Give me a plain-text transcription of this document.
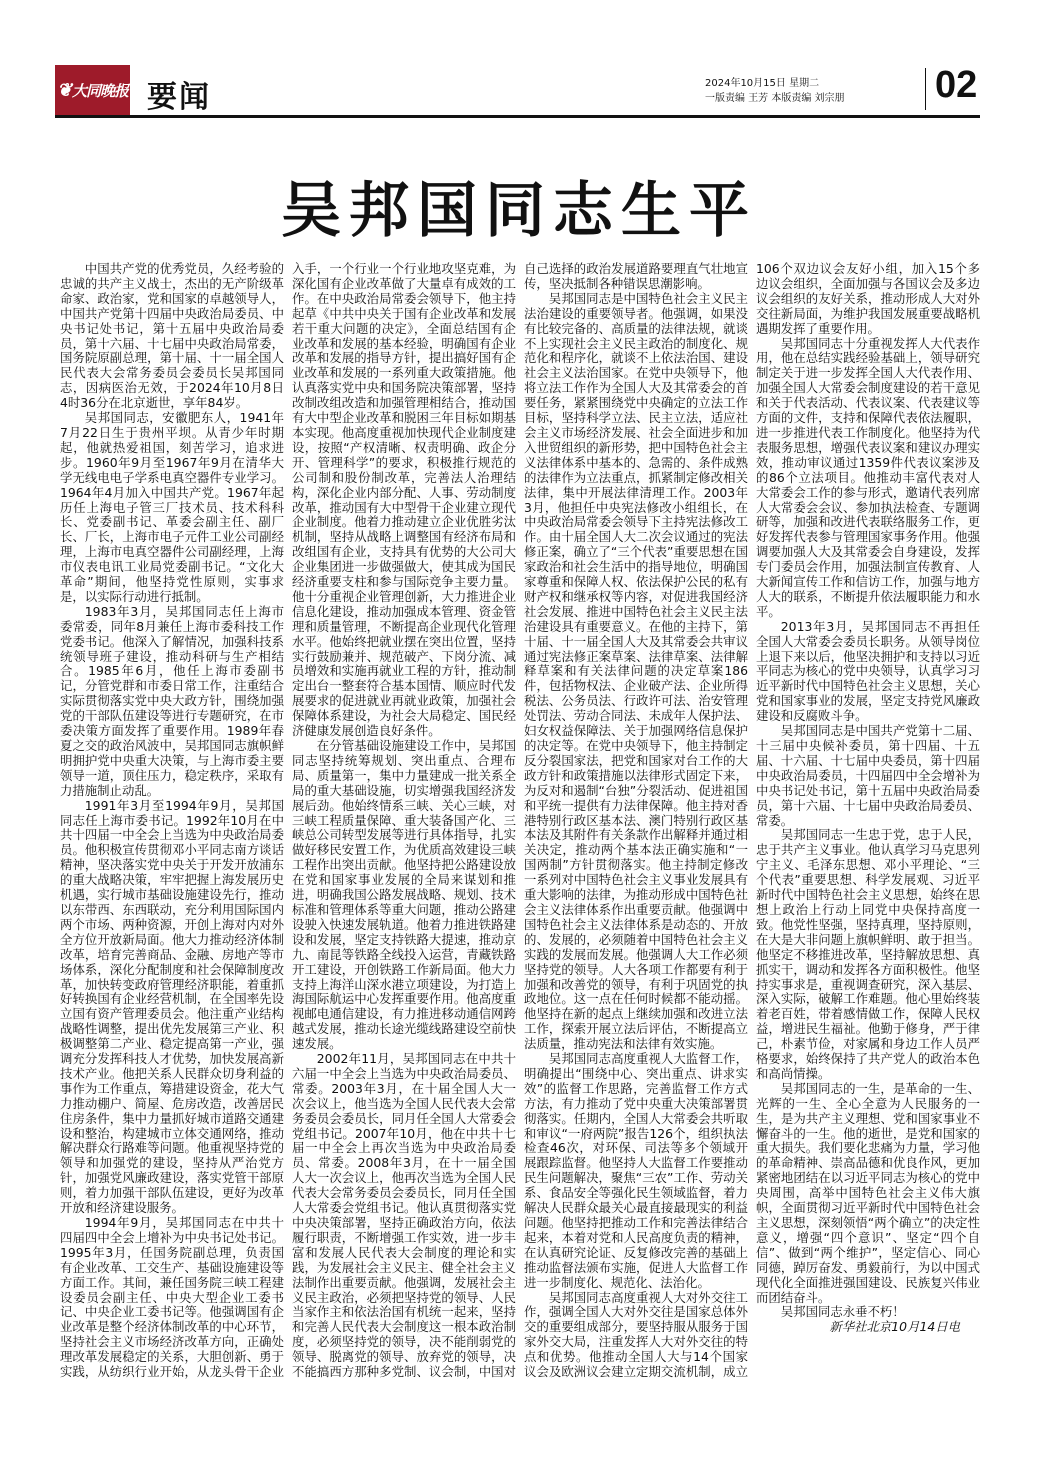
❦ 大同晚报 要闻	2024年10月15日 星期二
一版责编 王芳 本版责编 刘宗朋 02
吴邦国同志生平

中国共产党的优秀党员，久经考验的忠诚的共产主义战士，杰出的无产阶级革命家、政治家，党和国家的卓越领导人，中国共产党第十四届中央政治局委员、中央书记处书记，第十五届中央政治局委员，第十六届、十七届中央政治局常委，国务院原副总理，第十届、十一届全国人民代表大会常务委员会委员长吴邦国同志，因病医治无效，于2024年10月8日4时36分在北京逝世，享年84岁。

吴邦国同志，安徽肥东人，1941年7月22日生于贵州平坝。从青少年时期起，他就热爱祖国，刻苦学习，追求进步。1960年9月至1967年9月在清华大学无线电电子学系电真空器件专业学习。1964年4月加入中国共产党。1967年起历任上海电子管三厂技术员、技术科科长、党委副书记、革委会副主任、副厂长、厂长，上海市电子元件工业公司副经理，上海市电真空器件公司副经理，上海市仪表电讯工业局党委副书记。“文化大革命”期间，他坚持党性原则，实事求是，以实际行动进行抵制。

1983年3月，吴邦国同志任上海市委常委，同年8月兼任上海市委科技工作党委书记。他深入了解情况，加强科技系统领导班子建设，推动科研与生产相结合。1985年6月，他任上海市委副书记，分管党群和市委日常工作，注重结合实际贯彻落实党中央大政方针，围绕加强党的干部队伍建设等进行专题研究，在市委决策方面发挥了重要作用。1989年春夏之交的政治风波中，吴邦国同志旗帜鲜明拥护党中央重大决策，与上海市委主要领导一道，顶住压力，稳定秩序，采取有力措施制止动乱。

1991年3月至1994年9月，吴邦国同志任上海市委书记。1992年10月在中共十四届一中全会上当选为中央政治局委员。他积极宣传贯彻邓小平同志南方谈话精神，坚决落实党中央关于开发开放浦东的重大战略决策，牢牢把握上海发展历史机遇，实行城市基础设施建设先行，推动以东带西、东西联动，充分利用国际国内两个市场、两种资源，开创上海对内对外全方位开放新局面。他大力推动经济体制改革，培育完善商品、金融、房地产等市场体系，深化分配制度和社会保障制度改革，加快转变政府管理经济职能，着重抓好转换国有企业经营机制，在全国率先设立国有资产管理委员会。他注重产业结构战略性调整，提出优先发展第三产业、积极调整第二产业、稳定提高第一产业，强调充分发挥科技人才优势，加快发展高新技术产业。他把关系人民群众切身利益的事作为工作重点，筹措建设资金，花大气力推动棚户、简屋、危房改造，改善居民住房条件，集中力量抓好城市道路交通建设和整治，构建城市立体交通网络，推动解决群众行路难等问题。他重视坚持党的领导和加强党的建设，坚持从严治党方针，加强党风廉政建设，落实党管干部原则，着力加强干部队伍建设，更好为改革开放和经济建设服务。

1994年9月，吴邦国同志在中共十四届四中全会上增补为中央书记处书记。1995年3月，任国务院副总理，负责国有企业改革、工交生产、基础设施建设等方面工作。其间，兼任国务院三峡工程建设委员会副主任、中央大型企业工委书记、中央企业工委书记等。他强调国有企业改革是整个经济体制改革的中心环节，坚持社会主义市场经济改革方向，正确处理改革发展稳定的关系，大胆创新、勇于实践，从纺织行业开始，从龙头骨干企业入手，一个行业一个行业地攻坚克难，为深化国有企业改革做了大量卓有成效的工作。在中央政治局常委会领导下，他主持起草《中共中央关于国有企业改革和发展若干重大问题的决定》，全面总结国有企业改革和发展的基本经验，明确国有企业改革和发展的指导方针，提出搞好国有企业改革和发展的一系列重大政策措施。他认真落实党中央和国务院决策部署，坚持改制改组改造和加强管理相结合，推动国有大中型企业改革和脱困三年目标如期基本实现。他高度重视加快现代企业制度建设，按照“产权清晰、权责明确、政企分开、管理科学”的要求，积极推行规范的公司制和股份制改革，完善法人治理结构，深化企业内部分配、人事、劳动制度改革，推动国有大中型骨干企业建立现代企业制度。他着力推动建立企业优胜劣汰机制，坚持从战略上调整国有经济布局和改组国有企业，支持具有优势的大公司大企业集团进一步做强做大，使其成为国民经济重要支柱和参与国际竞争主要力量。他十分重视企业管理创新，大力推进企业信息化建设，推动加强成本管理、资金管理和质量管理，不断提高企业现代化管理水平。他始终把就业摆在突出位置，坚持实行鼓励兼并、规范破产、下岗分流、减员增效和实施再就业工程的方针，推动制定出台一整套符合基本国情、顺应时代发展要求的促进就业再就业政策，加强社会保障体系建设，为社会大局稳定、国民经济健康发展创造良好条件。

在分管基础设施建设工作中，吴邦国同志坚持统筹规划、突出重点、合理布局、质量第一，集中力量建成一批关系全局的重大基础设施，切实增强我国经济发展后劲。他始终情系三峡、关心三峡，对三峡工程质量保障、重大装备国产化、三峡总公司转型发展等进行具体指导，扎实做好移民安置工作，为优质高效建设三峡工程作出突出贡献。他坚持把公路建设放在党和国家事业发展的全局来谋划和推进，明确我国公路发展战略、规划、技术标准和管理体系等重大问题，推动公路建设驶入快速发展轨道。他着力推进铁路建设和发展，坚定支持铁路大提速，推动京九、南昆等铁路全线投入运营，青藏铁路开工建设，开创铁路工作新局面。他大力支持上海洋山深水港立项建设，为打造上海国际航运中心发挥重要作用。他高度重视邮电通信建设，有力推进移动通信网跨越式发展，推动长途光缆线路建设空前快速发展。

2002年11月，吴邦国同志在中共十六届一中全会上当选为中央政治局委员、常委。2003年3月，在十届全国人大一次会议上，他当选为全国人民代表大会常务委员会委员长，同月任全国人大常委会党组书记。2007年10月，他在中共十七届一中全会上再次当选为中央政治局委员、常委。2008年3月，在十一届全国人大一次会议上，他再次当选为全国人民代表大会常务委员会委员长，同月任全国人大常委会党组书记。他认真贯彻落实党中央决策部署，坚持正确政治方向，依法履行职责，不断增强工作实效，进一步丰富和发展人民代表大会制度的理论和实践，为发展社会主义民主、健全社会主义法制作出重要贡献。他强调，发展社会主义民主政治，必须把坚持党的领导、人民当家作主和依法治国有机统一起来，坚持和完善人民代表大会制度这一根本政治制度，必须坚持党的领导，决不能削弱党的领导、脱离党的领导、放弃党的领导，决不能搞西方那种多党制、议会制，中国对自己选择的政治发展道路要理直气壮地宣传，坚决抵制各种错误思潮影响。

吴邦国同志是中国特色社会主义民主法治建设的重要领导者。他强调，如果没有比较完备的、高质量的法律法规，就谈不上实现社会主义民主政治的制度化、规范化和程序化，就谈不上依法治国、建设社会主义法治国家。在党中央领导下，他将立法工作作为全国人大及其常委会的首要任务，紧紧围绕党中央确定的立法工作目标，坚持科学立法、民主立法，适应社会主义市场经济发展、社会全面进步和加入世贸组织的新形势，把中国特色社会主义法律体系中基本的、急需的、条件成熟的法律作为立法重点，抓紧制定修改相关法律，集中开展法律清理工作。2003年3月，他担任中央宪法修改小组组长，在中央政治局常委会领导下主持宪法修改工作。由十届全国人大二次会议通过的宪法修正案，确立了“三个代表”重要思想在国家政治和社会生活中的指导地位，明确国家尊重和保障人权、依法保护公民的私有财产权和继承权等内容，对促进我国经济社会发展、推进中国特色社会主义民主法治建设具有重要意义。在他的主持下，第十届、十一届全国人大及其常委会共审议通过宪法修正案草案、法律草案、法律解释草案和有关法律问题的决定草案186件，包括物权法、企业破产法、企业所得税法、公务员法、行政许可法、治安管理处罚法、劳动合同法、未成年人保护法、妇女权益保障法、关于加强网络信息保护的决定等。在党中央领导下，他主持制定反分裂国家法，把党和国家对台工作的大政方针和政策措施以法律形式固定下来，为反对和遏制“台独”分裂活动、促进祖国和平统一提供有力法律保障。他主持对香港特别行政区基本法、澳门特别行政区基本法及其附件有关条款作出解释并通过相关决定，推动两个基本法正确实施和“一国两制”方针贯彻落实。他主持制定修改一系列对中国特色社会主义事业发展具有重大影响的法律，为推动形成中国特色社会主义法律体系作出重要贡献。他强调中国特色社会主义法律体系是动态的、开放的、发展的，必须随着中国特色社会主义实践的发展而发展。他强调人大工作必须坚持党的领导。人大各项工作都要有利于加强和改善党的领导，有利于巩固党的执政地位。这一点在任何时候都不能动摇。他坚持在新的起点上继续加强和改进立法工作，探索开展立法后评估，不断提高立法质量，推动宪法和法律有效实施。

吴邦国同志高度重视人大监督工作，明确提出“围绕中心、突出重点、讲求实效”的监督工作思路，完善监督工作方式方法，有力推动了党中央重大决策部署贯彻落实。任期内，全国人大常委会共听取和审议“一府两院”报告126个，组织执法检查46次，对环保、司法等多个领域开展跟踪监督。他坚持人大监督工作要推动民生问题解决，聚焦“三农”工作、劳动关系、食品安全等强化民生领域监督，着力解决人民群众最关心最直接最现实的利益问题。他坚持把推动工作和完善法律结合起来，本着对党和人民高度负责的精神，在认真研究论证、反复修改完善的基础上推动监督法颁布实施，促进人大监督工作进一步制度化、规范化、法治化。

吴邦国同志高度重视人大对外交往工作，强调全国人大对外交往是国家总体外交的重要组成部分，要坚持服从服务于国家外交大局，注重发挥人大对外交往的特点和优势。他推动全国人大与14个国家议会及欧洲议会建立定期交流机制，成立106个双边议会友好小组，加入15个多边议会组织，全面加强与各国议会及多边议会组织的友好关系，推动形成人大对外交往新局面，为维护我国发展重要战略机遇期发挥了重要作用。

吴邦国同志十分重视发挥人大代表作用，他在总结实践经验基础上，领导研究制定关于进一步发挥全国人大代表作用、加强全国人大常委会制度建设的若干意见和关于代表活动、代表议案、代表建议等方面的文件，支持和保障代表依法履职，进一步推进代表工作制度化。他坚持为代表服务思想，增强代表议案和建议办理实效，推动审议通过1359件代表议案涉及的86个立法项目。他推动丰富代表对人大常委会工作的参与形式，邀请代表列席人大常委会会议、参加执法检查、专题调研等，加强和改进代表联络服务工作，更好发挥代表参与管理国家事务作用。他强调要加强人大及其常委会自身建设，发挥专门委员会作用，加强法制宣传教育、人大新闻宣传工作和信访工作，加强与地方人大的联系，不断提升依法履职能力和水平。

2013年3月，吴邦国同志不再担任全国人大常委会委员长职务。从领导岗位上退下来以后，他坚决拥护和支持以习近平同志为核心的党中央领导，认真学习习近平新时代中国特色社会主义思想，关心党和国家事业的发展，坚定支持党风廉政建设和反腐败斗争。

吴邦国同志是中国共产党第十二届、十三届中央候补委员，第十四届、十五届、十六届、十七届中央委员，第十四届中央政治局委员，十四届四中全会增补为中央书记处书记，第十五届中央政治局委员，第十六届、十七届中央政治局委员、常委。

吴邦国同志一生忠于党，忠于人民，忠于共产主义事业。他认真学习马克思列宁主义、毛泽东思想、邓小平理论、“三个代表”重要思想、科学发展观、习近平新时代中国特色社会主义思想，始终在思想上政治上行动上同党中央保持高度一致。他党性坚强，坚持真理，坚持原则，在大是大非问题上旗帜鲜明、敢于担当。他坚定不移推进改革，坚持解放思想、真抓实干，调动和发挥各方面积极性。他坚持实事求是，重视调查研究，深入基层、深入实际，破解工作难题。他心里始终装着老百姓，带着感情做工作，保障人民权益，增进民生福祉。他勤于修身，严于律己，朴素节俭，对家属和身边工作人员严格要求，始终保持了共产党人的政治本色和高尚情操。

吴邦国同志的一生，是革命的一生、光辉的一生、全心全意为人民服务的一生，是为共产主义理想、党和国家事业不懈奋斗的一生。他的逝世，是党和国家的重大损失。我们要化悲痛为力量，学习他的革命精神、崇高品德和优良作风，更加紧密地团结在以习近平同志为核心的党中央周围，高举中国特色社会主义伟大旗帜，全面贯彻习近平新时代中国特色社会主义思想，深刻领悟“两个确立”的决定性意义，增强“四个意识”、坚定“四个自信”、做到“两个维护”，坚定信心、同心同德，踔厉奋发、勇毅前行，为以中国式现代化全面推进强国建设、民族复兴伟业而团结奋斗。

吴邦国同志永垂不朽！

新华社北京10月14日电
